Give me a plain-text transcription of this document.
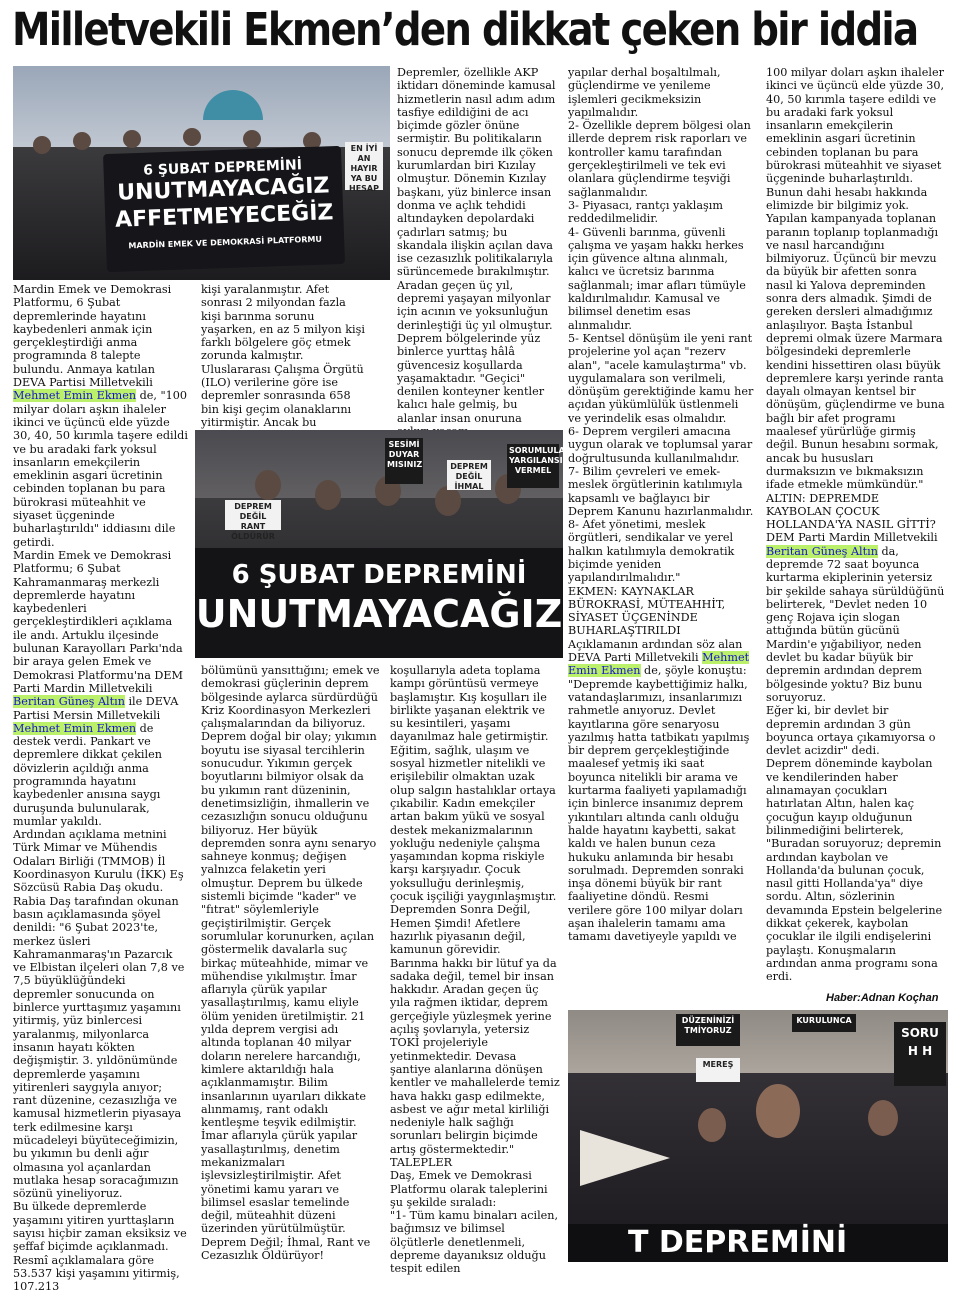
Milletvekili Ekmen’den dikkat çeken bir iddia
EN İYİ AN HAYIR YA BU HESAP
6 ŞUBAT DEPREMİNİ
UNUTMAYACAĞIZ
AFFETMEYECEĞİZ
MARDİN EMEK VE DEMOKRASİ PLATFORMU

Mardin Emek ve Demokrasi Platformu, 6 Şubat depremlerinde hayatını kaybedenleri anmak için gerçekleştirdiği anma programında 8 talepte bulundu. Anmaya katılan DEVA Partisi Milletvekili Mehmet Emin Ekmen de, "100 milyar doları aşkın ihaleler ikinci ve üçüncü elde yüzde 30, 40, 50 kırımla taşere edildi ve bu aradaki fark yoksul insanların emekçilerin emeklinin asgari ücretinin cebinden toplanan bu para bürokrasi müteahhit ve siyaset üçgeninde buharlaştırıldı" iddiasını dile getirdi.
Mardin Emek ve Demokrasi Platformu; 6 Şubat Kahramanmaraş merkezli depremlerde hayatını kaybedenleri gerçekleştirdikleri açıklama ile andı. Artuklu ilçesinde bulunan Karayolları Parkı'nda bir araya gelen Emek ve Demokrasi Platformu'na DEM Parti Mardin Milletvekili Beritan Güneş Altın ile DEVA Partisi Mersin Milletvekili Mehmet Emin Ekmen de destek verdi. Pankart ve depremlere dikkat çekilen dövizlerin açıldığı anma programında hayatını kaybedenler anısına saygı duruşunda bulunularak, mumlar yakıldı.
Ardından açıklama metnini Türk Mimar ve Mühendis Odaları Birliği (TMMOB) İl Koordinasyon Kurulu (İKK) Eş Sözcüsü Rabia Daş okudu. Rabia Daş tarafından okunan basın açıklamasında şöyel denildi: "6 Şubat 2023'te, merkez üsleri Kahramanmaraş'ın Pazarcık ve Elbistan ilçeleri olan 7,8 ve 7,5 büyüklüğündeki depremler sonucunda on binlerce yurttaşımız yaşamını yitirmiş, yüz binlercesi yaralanmış, milyonlarca insanın hayatı kökten değişmiştir. 3. yıldönümünde depremlerde yaşamını yitirenleri saygıyla anıyor; rant düzenine, cezasızlığa ve kamusal hizmetlerin piyasaya terk edilmesine karşı mücadeleyi büyüteceğimizin, bu yıkımın bu denli ağır olmasına yol açanlardan mutlaka hesap soracağımızın sözünü yineliyoruz.
Bu ülkede depremlerde yaşamını yitiren yurttaşların sayısı hiçbir zaman eksiksiz ve şeffaf biçimde açıklanmadı. Resmî açıklamalara göre 53.537 kişi yaşamını yitirmiş, 107.213

kişi yaralanmıştır. Afet sonrası 2 milyondan fazla kişi barınma sorunu yaşarken, en az 5 milyon kişi farklı bölgelere göç etmek zorunda kalmıştır. Uluslararası Çalışma Örgütü (ILO) verilerine göre ise depremler sonrasında 658 bin kişi geçim olanaklarını yitirmiştir. Ancak bu

Depremler, özellikle AKP iktidarı döneminde kamusal hizmetlerin nasıl adım adım tasfiye edildiğini de acı biçimde gözler önüne sermiştir. Bu politikaların sonucu depremde ilk çöken kurumlardan biri Kızılay olmuştur. Dönemin Kızılay başkanı, yüz binlerce insan donma ve açlık tehdidi altındayken depolardaki çadırları satmış; bu skandala ilişkin açılan dava ise cezasızlık politikalarıyla sürüncemede bırakılmıştır.
Aradan geçen üç yıl, depremi yaşayan milyonlar için acının ve yoksunluğun derinleştiği üç yıl olmuştur. Deprem bölgelerinde yüz binlerce yurttaş hâlâ güvencesiz koşullarda yaşamaktadır. "Geçici" denilen konteyner kentler kalıcı hale gelmiş, bu alanlar insan onuruna

yapılar derhal boşaltılmalı, güçlendirme ve yenileme işlemleri gecikmeksizin yapılmalıdır.
2- Özellikle deprem bölgesi olan illerde deprem risk raporları ve kontroller kamu tarafından gerçekleştirilmeli ve tek evi olanlara güçlendirme teşviği sağlanmalıdır.
3- Piyasacı, rantçı yaklaşım reddedilmelidir.
4- Güvenli barınma, güvenli çalışma ve yaşam hakkı herkes için güvence altına alınmalı, kalıcı ve ücretsiz barınma sağlanmalı; imar afları tümüyle kaldırılmalıdır. Kamusal ve bilimsel denetim esas alınmalıdır.
5- Kentsel dönüşüm ile yeni rant projelerine yol açan "rezerv alan", "acele kamulaştırma" vb. uygulamalara son verilmeli, dönüşüm gerektiğinde kamu her açıdan yükümlülük üstlenmeli ve yerindelik esas olmalıdır.
6- Deprem vergileri amacına uygun olarak ve toplumsal yarar doğrultusunda kullanılmalıdır.
7- Bilim çevreleri ve emek-meslek örgütlerinin katılımıyla kapsamlı ve bağlayıcı bir Deprem Kanunu hazırlanmalıdır.
8- Afet yönetimi, meslek örgütleri, sendikalar ve yerel halkın katılımıyla demokratik biçimde yeniden yapılandırılmalıdır."
EKMEN: KAYNAKLAR BÜROKRASİ, MÜTEAHHİT, SİYASET ÜÇGENİNDE BUHARLAŞTIRILDI
Açıklamanın ardından söz alan DEVA Parti Milletvekili Mehmet Emin Ekmen de, şöyle konuştu: "Depremde kaybettiğimiz halkı, vatandaşlarımızı, insanlarımızı rahmetle anıyoruz. Devlet kayıtlarına göre senaryosu yazılmış hatta tatbikatı yapılmış bir deprem gerçekleştiğinde maalesef yetmiş iki saat boyunca nitelikli bir arama ve kurtarma faaliyeti yapılamadığı için binlerce insanımız deprem yıkıntıları altında canlı olduğu halde hayatını kaybetti, sakat kaldı ve halen bunun ceza hukuku anlamında bir hesabı sorulmadı. Depremden sonraki inşa dönemi büyük bir rant faaliyetine döndü. Resmi verilere göre 100 milyar doları aşan ihalelerin tamamı ama tamamı davetiyeyle yapıldı ve

DEPREM DEĞİL RANT ÖLDÜRÜR
SESİMİ DUYAR MISINIZ
SORUMLULAR YARGILANSIN VERMEL
DEPREM DEĞİL İHMAL
6 ŞUBAT DEPREMİNİ
UNUTMAYACAĞIZ

bölümünü yansıttığını; emek ve demokrasi güçlerinin deprem bölgesinde aylarca sürdürdüğü Kriz Koordinasyon Merkezleri çalışmalarından da biliyoruz.
Deprem doğal bir olay; yıkımın boyutu ise siyasal tercihlerin sonucudur. Yıkımın gerçek boyutlarını bilmiyor olsak da bu yıkımın rant düzeninin, denetimsizliğin, ihmallerin ve cezasızlığın sonucu olduğunu biliyoruz. Her büyük depremden sonra aynı senaryo sahneye konmuş; değişen yalnızca felaketin yeri olmuştur. Deprem bu ülkede sistemli biçimde "kader" ve "fıtrat" söylemleriyle geçiştirilmiştir. Gerçek sorumlular korunurken, açılan göstermelik davalarla suç birkaç müteahhide, mimar ve mühendise yıkılmıştır. İmar aflarıyla çürük yapılar yasallaştırılmış, kamu eliyle ölüm yeniden üretilmiştir. 21 yılda deprem vergisi adı altında toplanan 40 milyar doların nerelere harcandığı, kimlere aktarıldığı hala açıklanmamıştır. Bilim insanlarının uyarıları dikkate alınmamış, rant odaklı kentleşme teşvik edilmiştir. İmar aflarıyla çürük yapılar yasallaştırılmış, denetim mekanizmaları işlevsizleştirilmiştir. Afet yönetimi kamu yararı ve bilimsel esaslar temelinde değil, müteahhit düzeni üzerinden yürütülmüştür.
Deprem Değil; İhmal, Rant ve Cezasızlık Öldürüyor!

koşullarıyla adeta toplama kampı görüntüsü vermeye başlamıştır. Kış koşulları ile birlikte yaşanan elektrik ve su kesintileri, yaşamı dayanılmaz hale getirmiştir.
Eğitim, sağlık, ulaşım ve sosyal hizmetler nitelikli ve erişilebilir olmaktan uzak olup salgın hastalıklar ortaya çıkabilir. Kadın emekçiler artan bakım yükü ve sosyal destek mekanizmalarının yokluğu nedeniyle çalışma yaşamından kopma riskiyle karşı karşıyadır. Çocuk yoksulluğu derinleşmiş, çocuk işçiliği yaygınlaşmıştır.
Depremden Sonra Değil, Hemen Şimdi! Afetlere hazırlık piyasanın değil, kamunun görevidir.
Barınma hakkı bir lütuf ya da sadaka değil, temel bir insan hakkıdır. Aradan geçen üç yıla rağmen iktidar, deprem gerçeğiyle yüzleşmek yerine açılış şovlarıyla, yetersiz TOKİ projeleriyle yetinmektedir. Devasa şantiye alanlarına dönüşen kentler ve mahallelerde temiz hava hakkı gasp edilmekte, asbest ve ağır metal kirliliği nedeniyle halk sağlığı sorunları belirgin biçimde artış göstermektedir."
TALEPLER
Daş, Emek ve Demokrasi Platformu olarak taleplerini şu şekilde sıraladı:
"1- Tüm kamu binaları acilen, bağımsız ve bilimsel ölçütlerle denetlenmeli, depreme dayanıksız olduğu tespit edilen

100 milyar doları aşkın ihaleler ikinci ve üçüncü elde yüzde 30, 40, 50 kırımla taşere edildi ve bu aradaki fark yoksul insanların emekçilerin emeklinin asgari ücretinin cebinden toplanan bu para bürokrasi müteahhit ve siyaset üçgeninde buharlaştırıldı. Bunun dahi hesabı hakkında elimizde bir bilgimiz yok. Yapılan kampanyada toplanan paranın toplanıp toplanmadığı ve nasıl harcandığını bilmiyoruz. Üçüncü bir mevzu da büyük bir afetten sonra nasıl ki Yalova depreminden sonra ders almadık. Şimdi de gereken dersleri almadığımız anlaşılıyor. Başta İstanbul depremi olmak üzere Marmara bölgesindeki depremlerle kendini hissettiren olası büyük depremlere karşı yerinde ranta dayalı olmayan kentsel bir dönüşüm, güçlendirme ve buna bağlı bir afet programı maalesef yürürlüğe girmiş değil. Bunun hesabını sormak, ancak bu hususları durmaksızın ve bıkmaksızın ifade etmekle mümkündür."
ALTIN: DEPREMDE KAYBOLAN ÇOCUK HOLLANDA'YA NASIL GİTTİ?
DEM Parti Mardin Milletvekili Beritan Güneş Altın da, depremde 72 saat boyunca kurtarma ekiplerinin yetersiz bir şekilde sahaya sürüldüğünü belirterek, "Devlet neden 10 genç Rojava için slogan attığında bütün gücünü Mardin'e yığabiliyor, neden devlet bu kadar büyük bir depremin ardından deprem bölgesinde yoktu? Biz bunu soruyoruz.
Eğer ki, bir devlet bir depremin ardından 3 gün boyunca ortaya çıkamıyorsa o devlet acizdir" dedi.
Deprem döneminde kaybolan ve kendilerinden haber alınamayan çocukları hatırlatan Altın, halen kaç çocuğun kayıp olduğunun bilinmediğini belirterek, "Buradan soruyoruz; depremin ardından kaybolan ve Hollanda'da bulunan çocuk, nasıl gitti Hollanda'ya" diye sordu. Altın, sözlerinin devamında Epstein belgelerine dikkat çekerek, kaybolan çocuklar ile ilgili endişelerini paylaştı. Konuşmaların ardından anma programı sona erdi.

Haber:Adnan Koçhan
DÜZENİNİZİ TMİYORUZ
MEREŞ
SORU H H
KURULUNCA
T DEPREMİNİ
